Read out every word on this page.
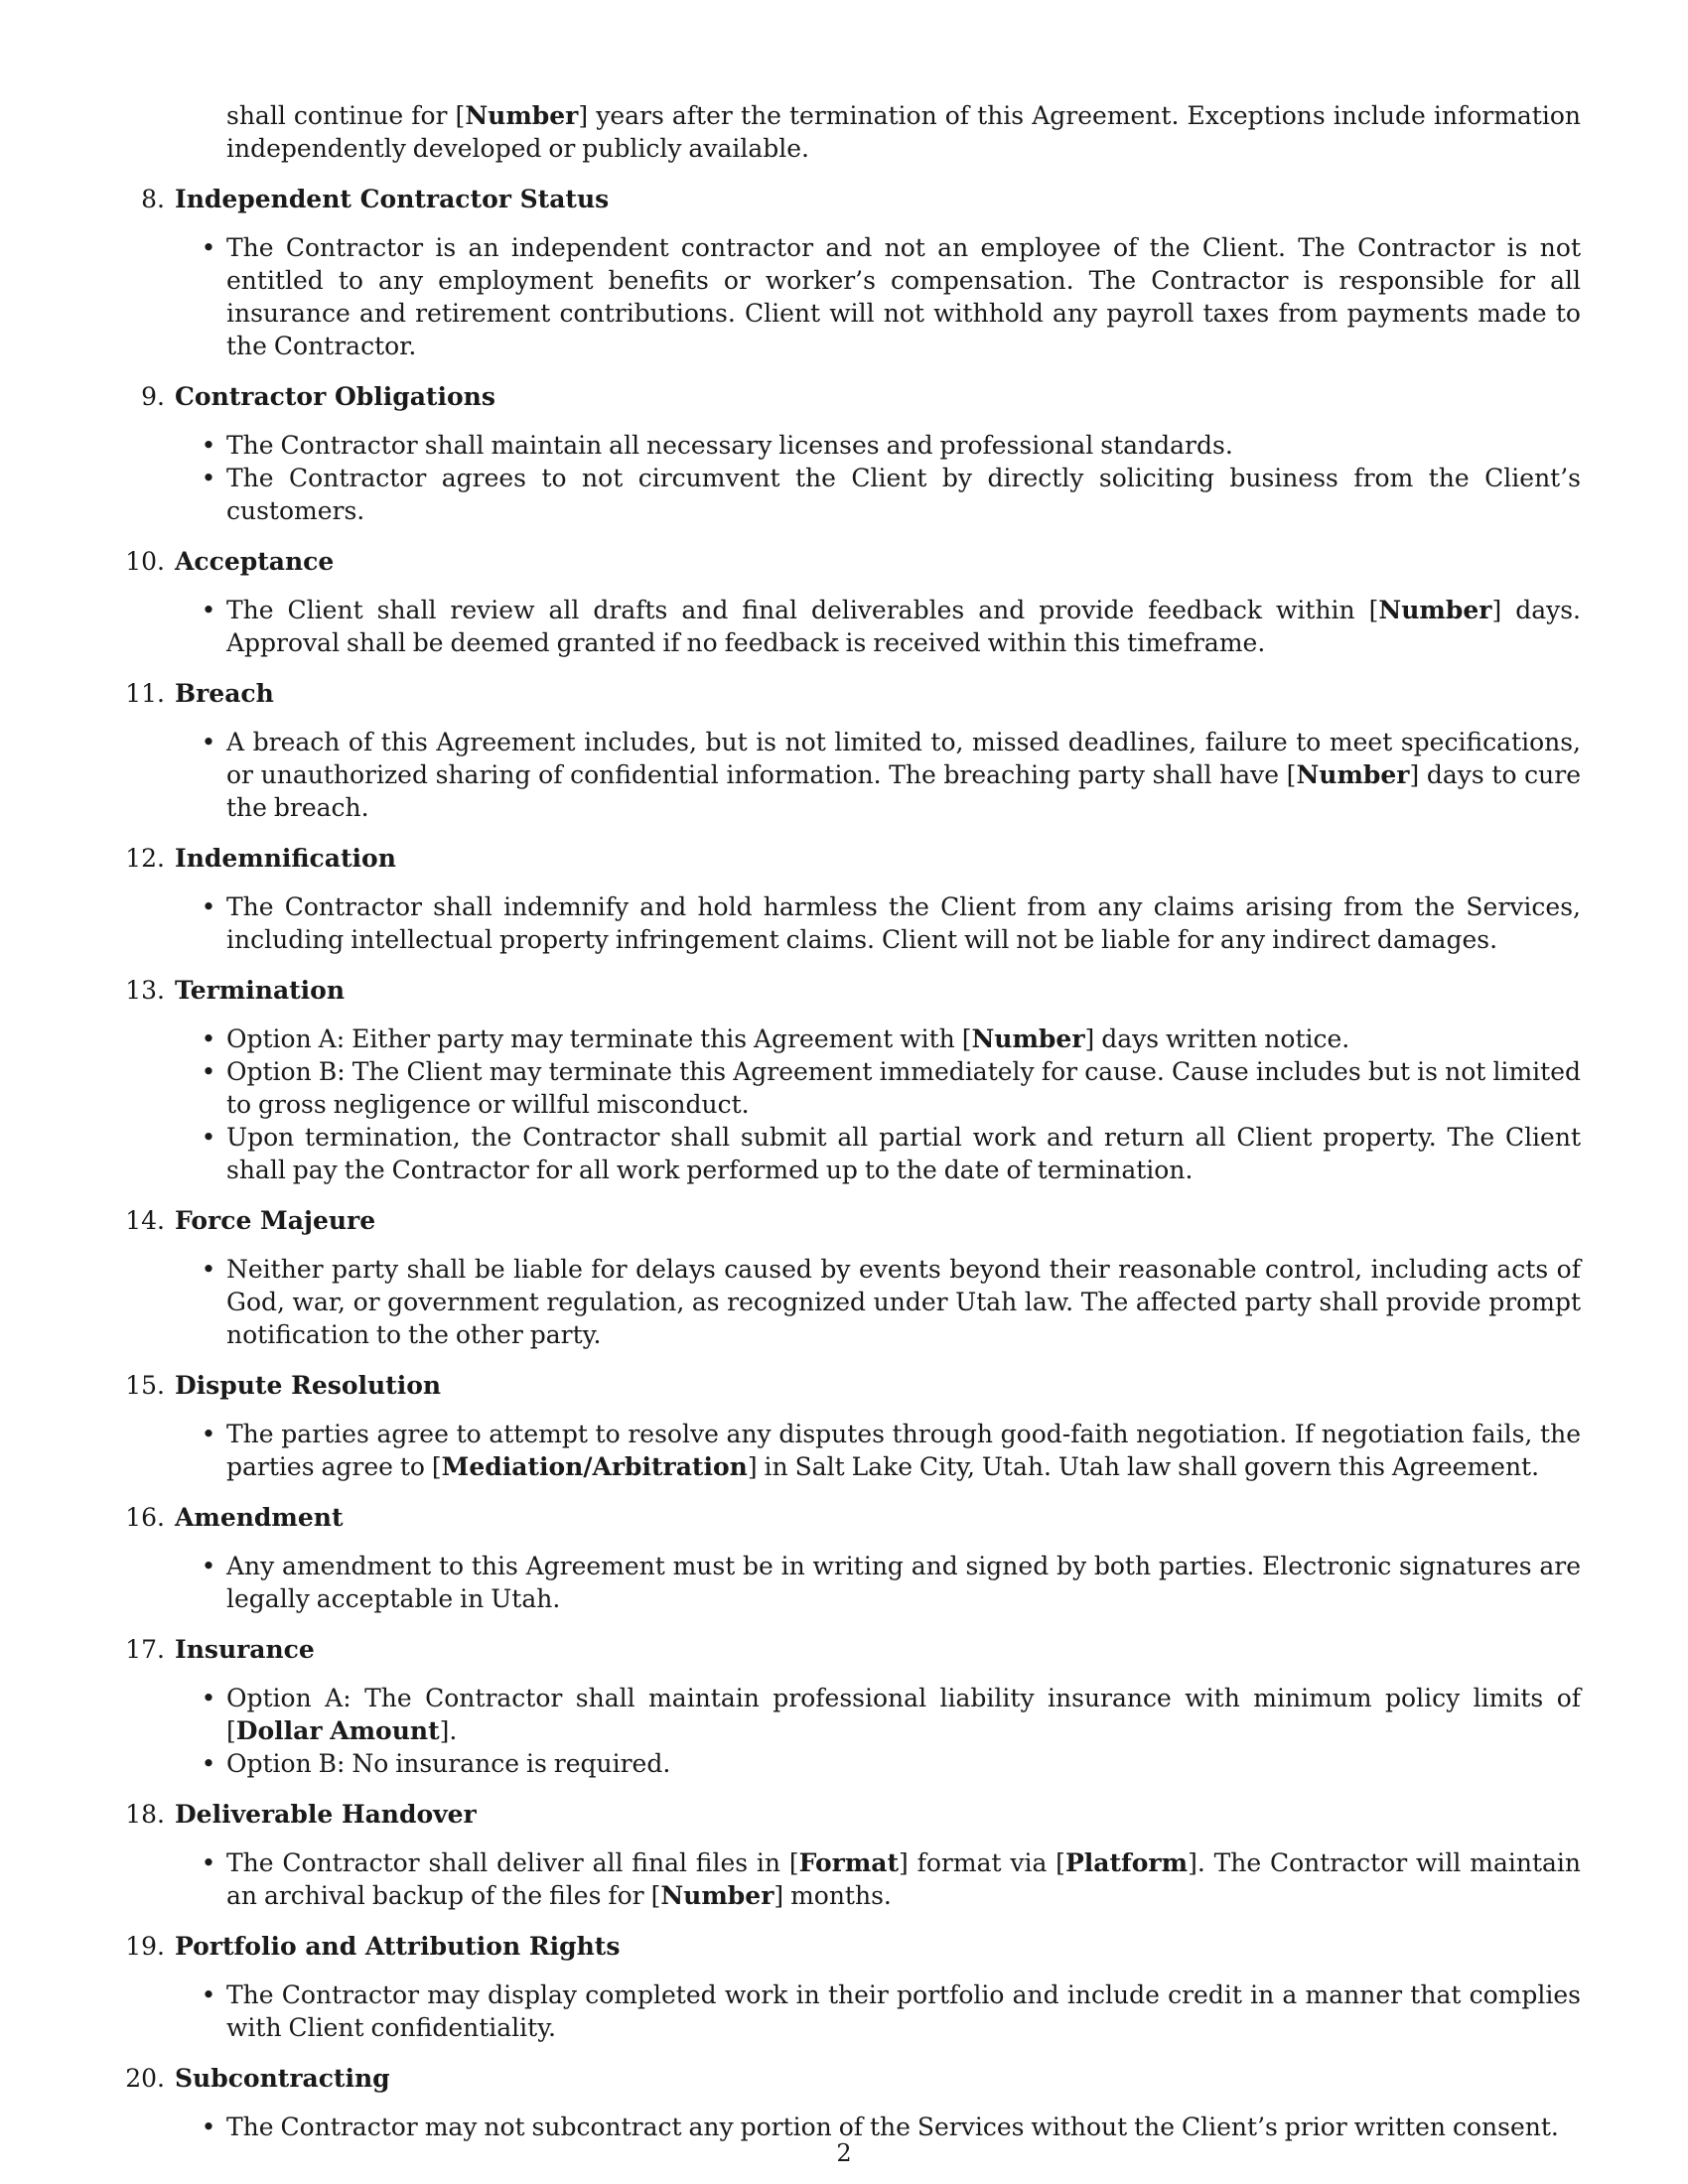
shall continue for [Number] years after the termination of this Agreement. Exceptions include information independently developed or publicly available.

8. Independent Contractor Status
• The Contractor is an independent contractor and not an employee of the Client. The Contractor is not entitled to any employment benefits or worker’s compensation. The Contractor is responsible for all insurance and retirement contributions. Client will not withhold any payroll taxes from payments made to the Contractor.
9. Contractor Obligations
• The Contractor shall maintain all necessary licenses and professional standards.
• The Contractor agrees to not circumvent the Client by directly soliciting business from the Client’s customers.
10. Acceptance
• The Client shall review all drafts and final deliverables and provide feedback within [Number] days. Approval shall be deemed granted if no feedback is received within this timeframe.
11. Breach
• A breach of this Agreement includes, but is not limited to, missed deadlines, failure to meet specifications, or unauthorized sharing of confidential information. The breaching party shall have [Number] days to cure the breach.
12. Indemnification
• The Contractor shall indemnify and hold harmless the Client from any claims arising from the Services, including intellectual property infringement claims. Client will not be liable for any indirect damages.
13. Termination
• Option A: Either party may terminate this Agreement with [Number] days written notice.
• Option B: The Client may terminate this Agreement immediately for cause. Cause includes but is not limited to gross negligence or willful misconduct.
• Upon termination, the Contractor shall submit all partial work and return all Client property. The Client shall pay the Contractor for all work performed up to the date of termination.
14. Force Majeure
• Neither party shall be liable for delays caused by events beyond their reasonable control, including acts of God, war, or government regulation, as recognized under Utah law. The affected party shall provide prompt notification to the other party.
15. Dispute Resolution
• The parties agree to attempt to resolve any disputes through good-faith negotiation. If negotiation fails, the parties agree to [Mediation/Arbitration] in Salt Lake City, Utah. Utah law shall govern this Agreement.
16. Amendment
• Any amendment to this Agreement must be in writing and signed by both parties. Electronic signatures are legally acceptable in Utah.
17. Insurance
• Option A: The Contractor shall maintain professional liability insurance with minimum policy limits of [Dollar Amount].
• Option B: No insurance is required.
18. Deliverable Handover
• The Contractor shall deliver all final files in [Format] format via [Platform]. The Contractor will maintain an archival backup of the files for [Number] months.
19. Portfolio and Attribution Rights
• The Contractor may display completed work in their portfolio and include credit in a manner that complies with Client confidentiality.
20. Subcontracting
• The Contractor may not subcontract any portion of the Services without the Client’s prior written consent.
2
